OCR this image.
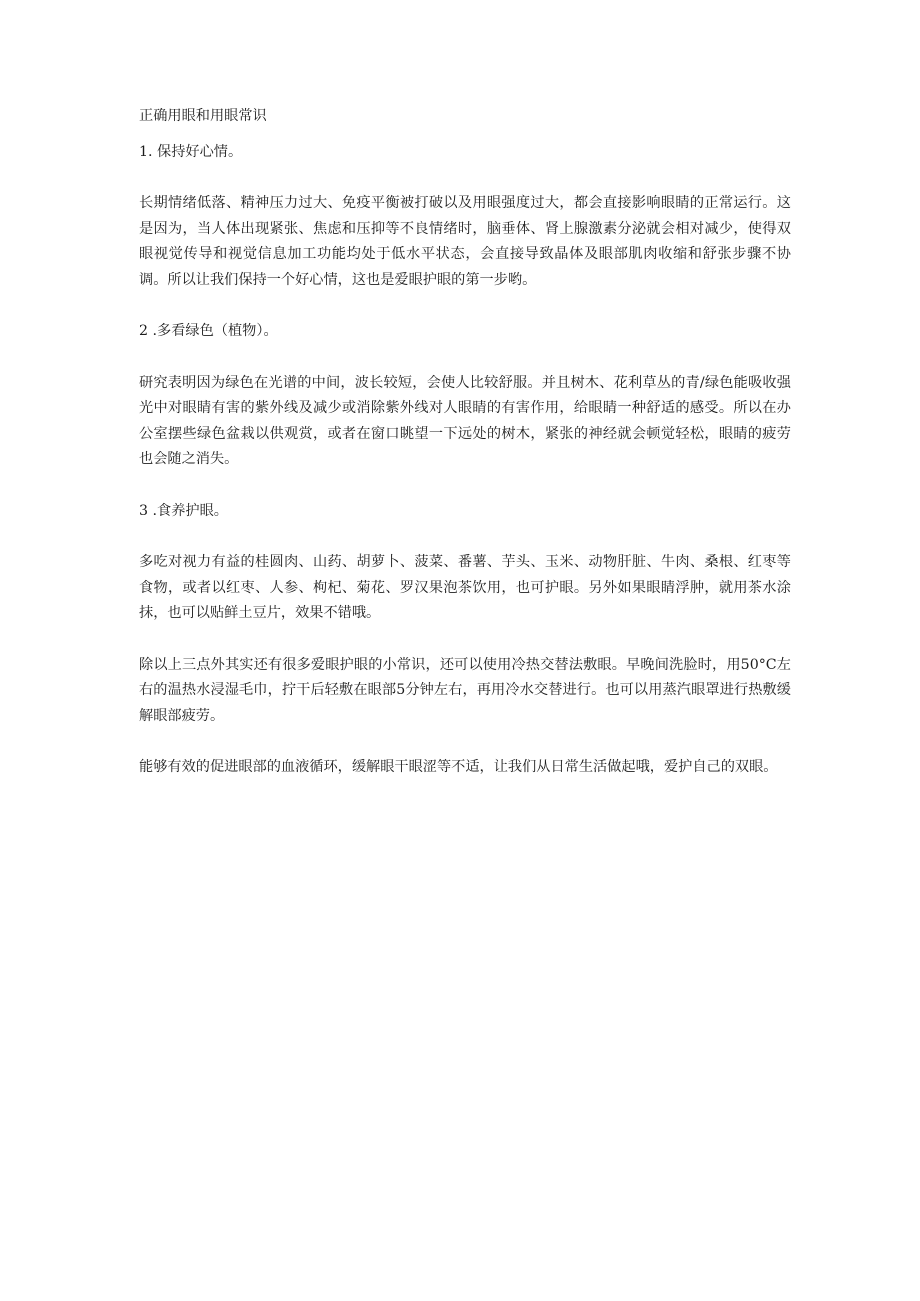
正确用眼和用眼常识

1. 保持好心情。

长期情绪低落、精神压力过大、免疫平衡被打破以及用眼强度过大，都会直接影响眼睛的正常运行。这是因为，当人体出现紧张、焦虑和压抑等不良情绪时，脑垂体、肾上腺激素分泌就会相对减少，使得双眼视觉传导和视觉信息加工功能均处于低水平状态，会直接导致晶体及眼部肌肉收缩和舒张步骤不协调。所以让我们保持一个好心情，这也是爱眼护眼的第一步哟。

2 .多看绿色（植物）。

研究表明因为绿色在光谱的中间，波长较短，会使人比较舒服。并且树木、花利草丛的青/绿色能吸收强光中对眼睛有害的紫外线及减少或消除紫外线对人眼睛的有害作用，给眼睛一种舒适的感受。所以在办公室摆些绿色盆栽以供观赏，或者在窗口眺望一下远处的树木，紧张的神经就会顿觉轻松，眼睛的疲劳也会随之消失。

3 .食养护眼。

多吃对视力有益的桂圆肉、山药、胡萝卜、菠菜、番薯、芋头、玉米、动物肝脏、牛肉、桑根、红枣等食物，或者以红枣、人参、枸杞、菊花、罗汉果泡茶饮用，也可护眼。另外如果眼睛浮肿，就用茶水涂抹，也可以贴鲜土豆片，效果不错哦。

除以上三点外其实还有很多爱眼护眼的小常识，还可以使用冷热交替法敷眼。早晚间洗脸时，用50°C左右的温热水浸湿毛巾，拧干后轻敷在眼部5分钟左右，再用冷水交替进行。也可以用蒸汽眼罩进行热敷缓解眼部疲劳。

能够有效的促进眼部的血液循环，缓解眼干眼涩等不适，让我们从日常生活做起哦，爱护自己的双眼。
